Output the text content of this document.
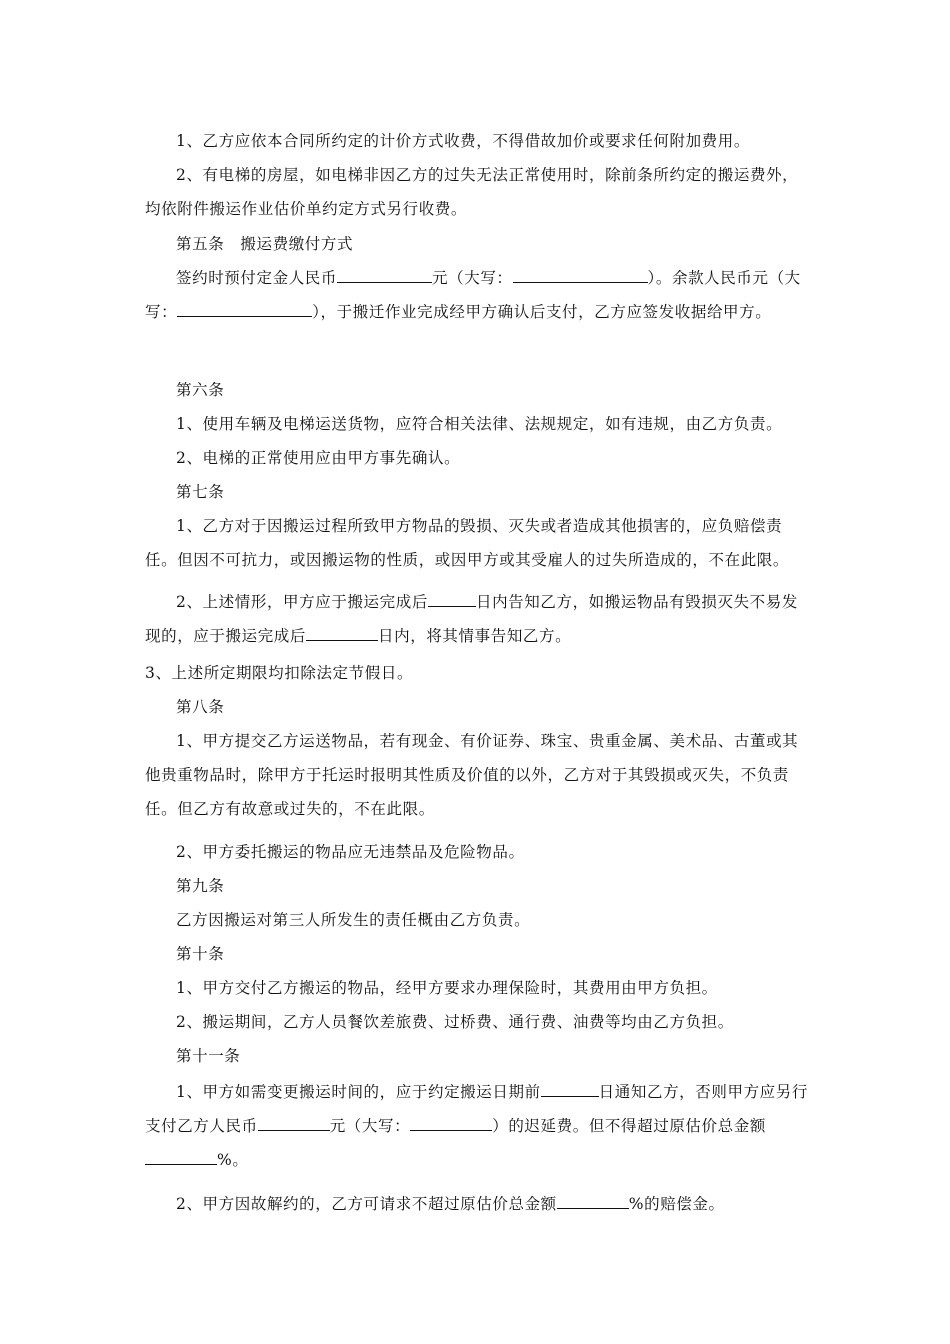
1、乙方应依本合同所约定的计价方式收费，不得借故加价或要求任何附加费用。
2、有电梯的房屋，如电梯非因乙方的过失无法正常使用时，除前条所约定的搬运费外，均依附件搬运作业估价单约定方式另行收费。
第五条　搬运费缴付方式
签约时预付定金人民币	元（大写：	）。余款人民币元（大写：	），于搬迁作业完成经甲方确认后支付，乙方应签发收据给甲方。
第六条
1、使用车辆及电梯运送货物，应符合相关法律、法规规定，如有违规，由乙方负责。
2、电梯的正常使用应由甲方事先确认。
第七条
1、乙方对于因搬运过程所致甲方物品的毁损、灭失或者造成其他损害的，应负赔偿责任。但因不可抗力，或因搬运物的性质，或因甲方或其受雇人的过失所造成的，不在此限。
2、上述情形，甲方应于搬运完成后	日内告知乙方，如搬运物品有毁损灭失不易发现的，应于搬运完成后	日内，将其情事告知乙方。
3、上述所定期限均扣除法定节假日。
第八条
1、甲方提交乙方运送物品，若有现金、有价证券、珠宝、贵重金属、美术品、古董或其他贵重物品时，除甲方于托运时报明其性质及价值的以外，乙方对于其毁损或灭失，不负责任。但乙方有故意或过失的，不在此限。
2、甲方委托搬运的物品应无违禁品及危险物品。
第九条
乙方因搬运对第三人所发生的责任概由乙方负责。
第十条
1、甲方交付乙方搬运的物品，经甲方要求办理保险时，其费用由甲方负担。
2、搬运期间，乙方人员餐饮差旅费、过桥费、通行费、油费等均由乙方负担。
第十一条
1、甲方如需变更搬运时间的，应于约定搬运日期前	日通知乙方，否则甲方应另行支付乙方人民币	元（大写：	）的迟延费。但不得超过原估价总金额%。
2、甲方因故解约的，乙方可请求不超过原估价总金额	%的赔偿金。
